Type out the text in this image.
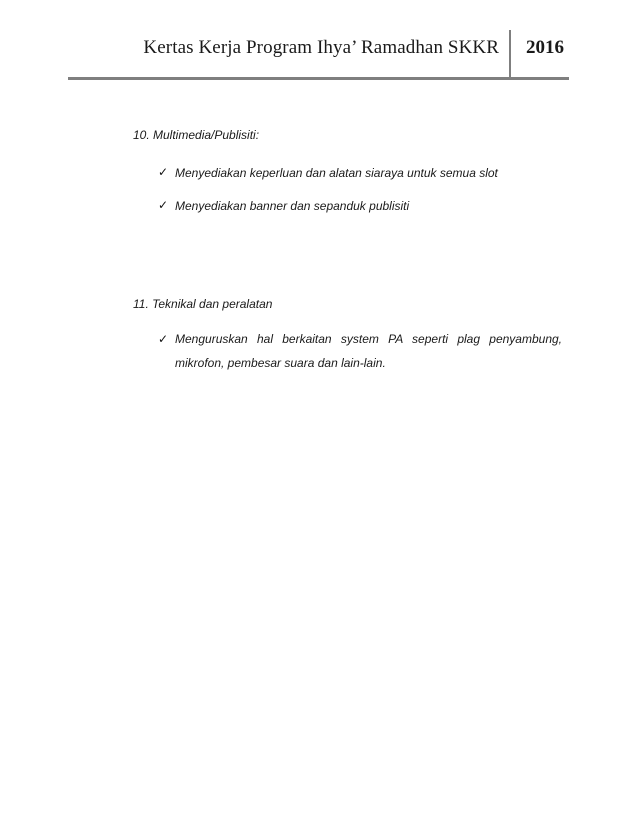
Kertas Kerja Program Ihya’ Ramadhan SKKR 2016
10. Multimedia/Publisiti:
✓ Menyediakan keperluan dan alatan siaraya untuk semua slot
✓ Menyediakan banner dan sepanduk publisiti
11. Teknikal dan peralatan
✓ Menguruskan hal berkaitan system PA seperti plag penyambung, mikrofon, pembesar suara dan lain-lain.
